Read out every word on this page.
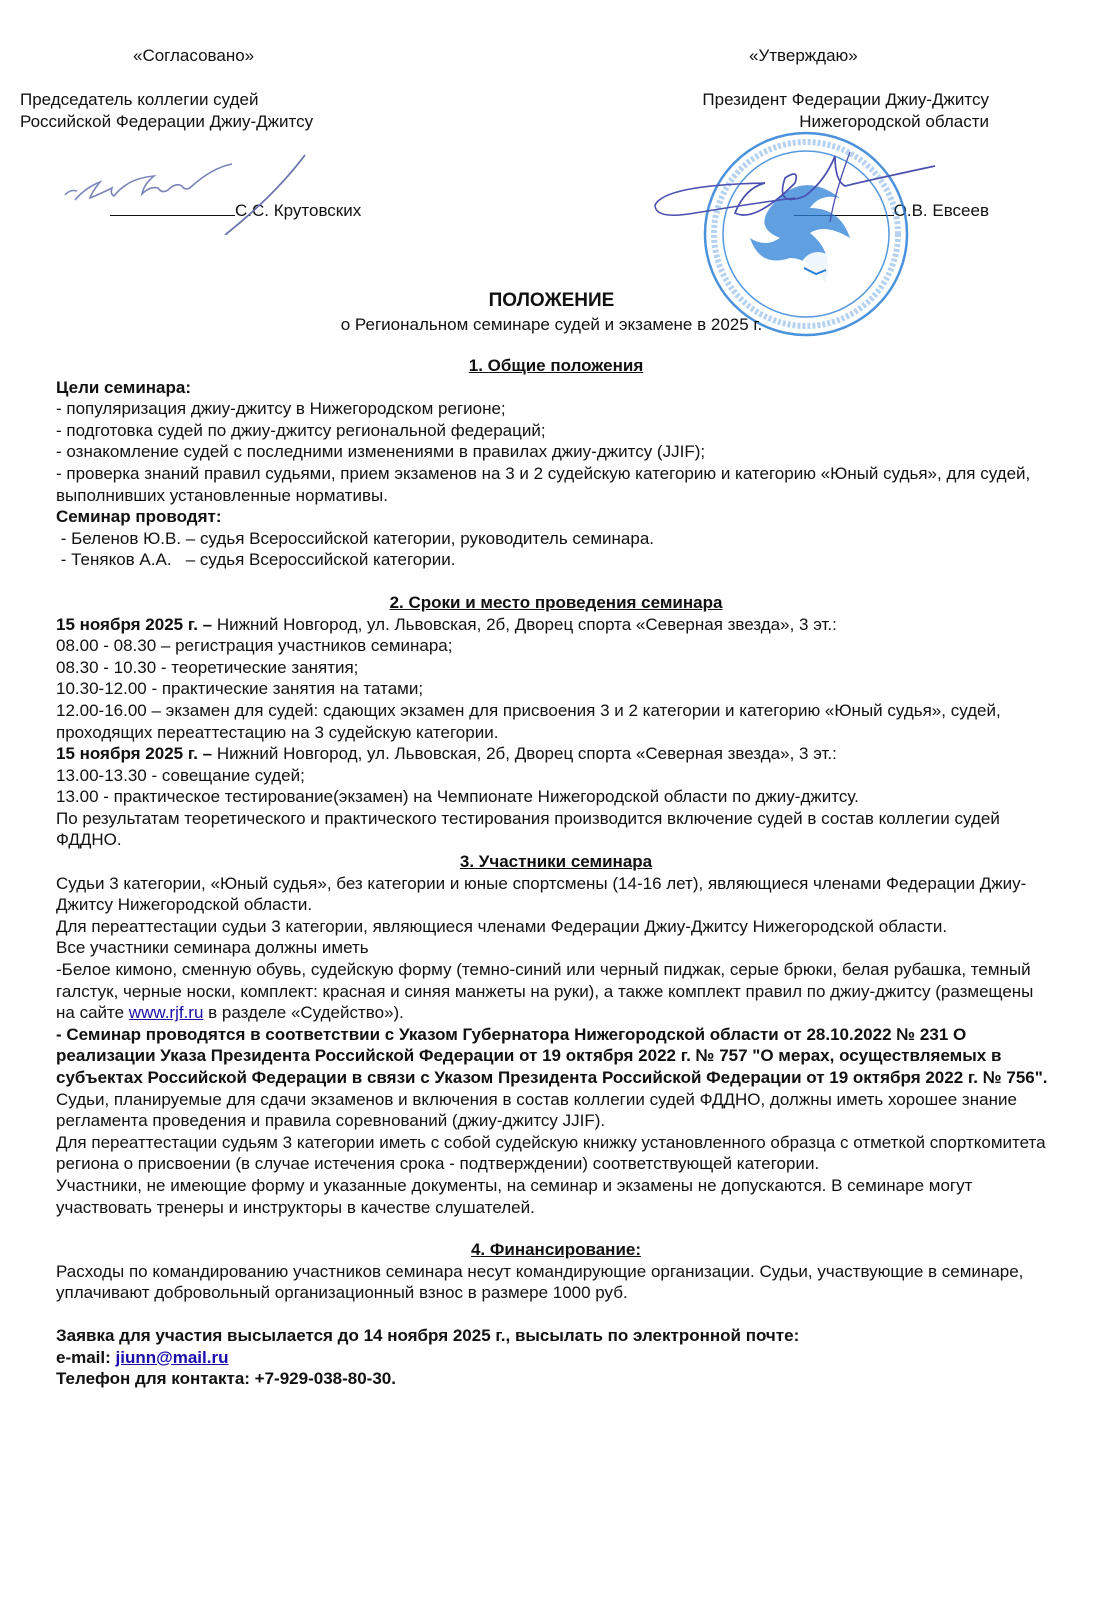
«Согласовано»
Председатель коллегии судей
Российской Федерации Джиу-Джитсу
С.С. Крутовских
«Утверждаю»
Президент Федерации Джиу-Джитсу
Нижегородской области
О.В. Евсеев
ПОЛОЖЕНИЕ
о Региональном семинаре судей и экзамене в 2025 г.

1. Общие положения

Цели семинара:

- популяризация джиу-джитсу в Нижегородском регионе;

- подготовка судей по джиу-джитсу региональной федераций;

- ознакомление судей с последними изменениями в правилах джиу-джитсу (JJIF);

- проверка знаний правил судьями, прием экзаменов на 3 и 2 судейскую категорию и категорию «Юный судья», для судей, выполнивших установленные нормативы.

Семинар проводят:

- Беленов Ю.В. – судья Всероссийской категории, руководитель семинара.

- Теняков А.А.   – судья Всероссийской категории.

2. Сроки и место проведения семинара

15 ноября 2025 г. – Нижний Новгород, ул. Львовская, 2б, Дворец спорта «Северная звезда», 3 эт.:

08.00 - 08.30 – регистрация участников семинара;

08.30 - 10.30 - теоретические занятия;

10.30-12.00 - практические занятия на татами;

12.00-16.00 – экзамен для судей: сдающих экзамен для присвоения 3 и 2 категории и категорию «Юный судья», судей, проходящих переаттестацию на 3 судейскую категории.

15 ноября 2025 г. – Нижний Новгород, ул. Львовская, 2б, Дворец спорта «Северная звезда», 3 эт.:

13.00-13.30 - совещание судей;

13.00 - практическое тестирование(экзамен) на Чемпионате Нижегородской области по джиу-джитсу.

По результатам теоретического и практического тестирования производится включение судей в состав коллегии судей ФДДНО.

3. Участники семинара

Судьи 3 категории, «Юный судья», без категории и юные спортсмены (14-16 лет), являющиеся членами Федерации Джиу-Джитсу Нижегородской области.

Для переаттестации судьи 3 категории, являющиеся членами Федерации Джиу-Джитсу Нижегородской области.

Все участники семинара должны иметь

-Белое кимоно, сменную обувь, судейскую форму (темно-синий или черный пиджак, серые брюки, белая рубашка, темный галстук, черные носки, комплект: красная и синяя манжеты на руки), а также комплект правил по джиу-джитсу (размещены на сайте www.rjf.ru в разделе «Судейство»).

- Семинар проводятся в соответствии с Указом Губернатора Нижегородской области от 28.10.2022 № 231 О реализации Указа Президента Российской Федерации от 19 октября 2022 г. № 757 "О мерах, осуществляемых в субъектах Российской Федерации в связи с Указом Президента Российской Федерации от 19 октября 2022 г. № 756".

Судьи, планируемые для сдачи экзаменов и включения в состав коллегии судей ФДДНО, должны иметь хорошее знание регламента проведения и правила соревнований (джиу-джитсу JJIF).

Для переаттестации судьям 3 категории иметь с собой судейскую книжку установленного образца с отметкой спорткомитета региона о присвоении (в случае истечения срока - подтверждении) соответствующей категории.

Участники, не имеющие форму и указанные документы, на семинар и экзамены не допускаются. В семинаре могут участвовать тренеры и инструкторы в качестве слушателей.

4. Финансирование:

Расходы по командированию участников семинара несут командирующие организации. Судьи, участвующие в семинаре, уплачивают добровольный организационный взнос в размере 1000 руб.

Заявка для участия высылается до 14 ноября 2025 г., высылать по электронной почте:

e-mail: jiunn@mail.ru

Телефон для контакта: +7-929-038-80-30.
